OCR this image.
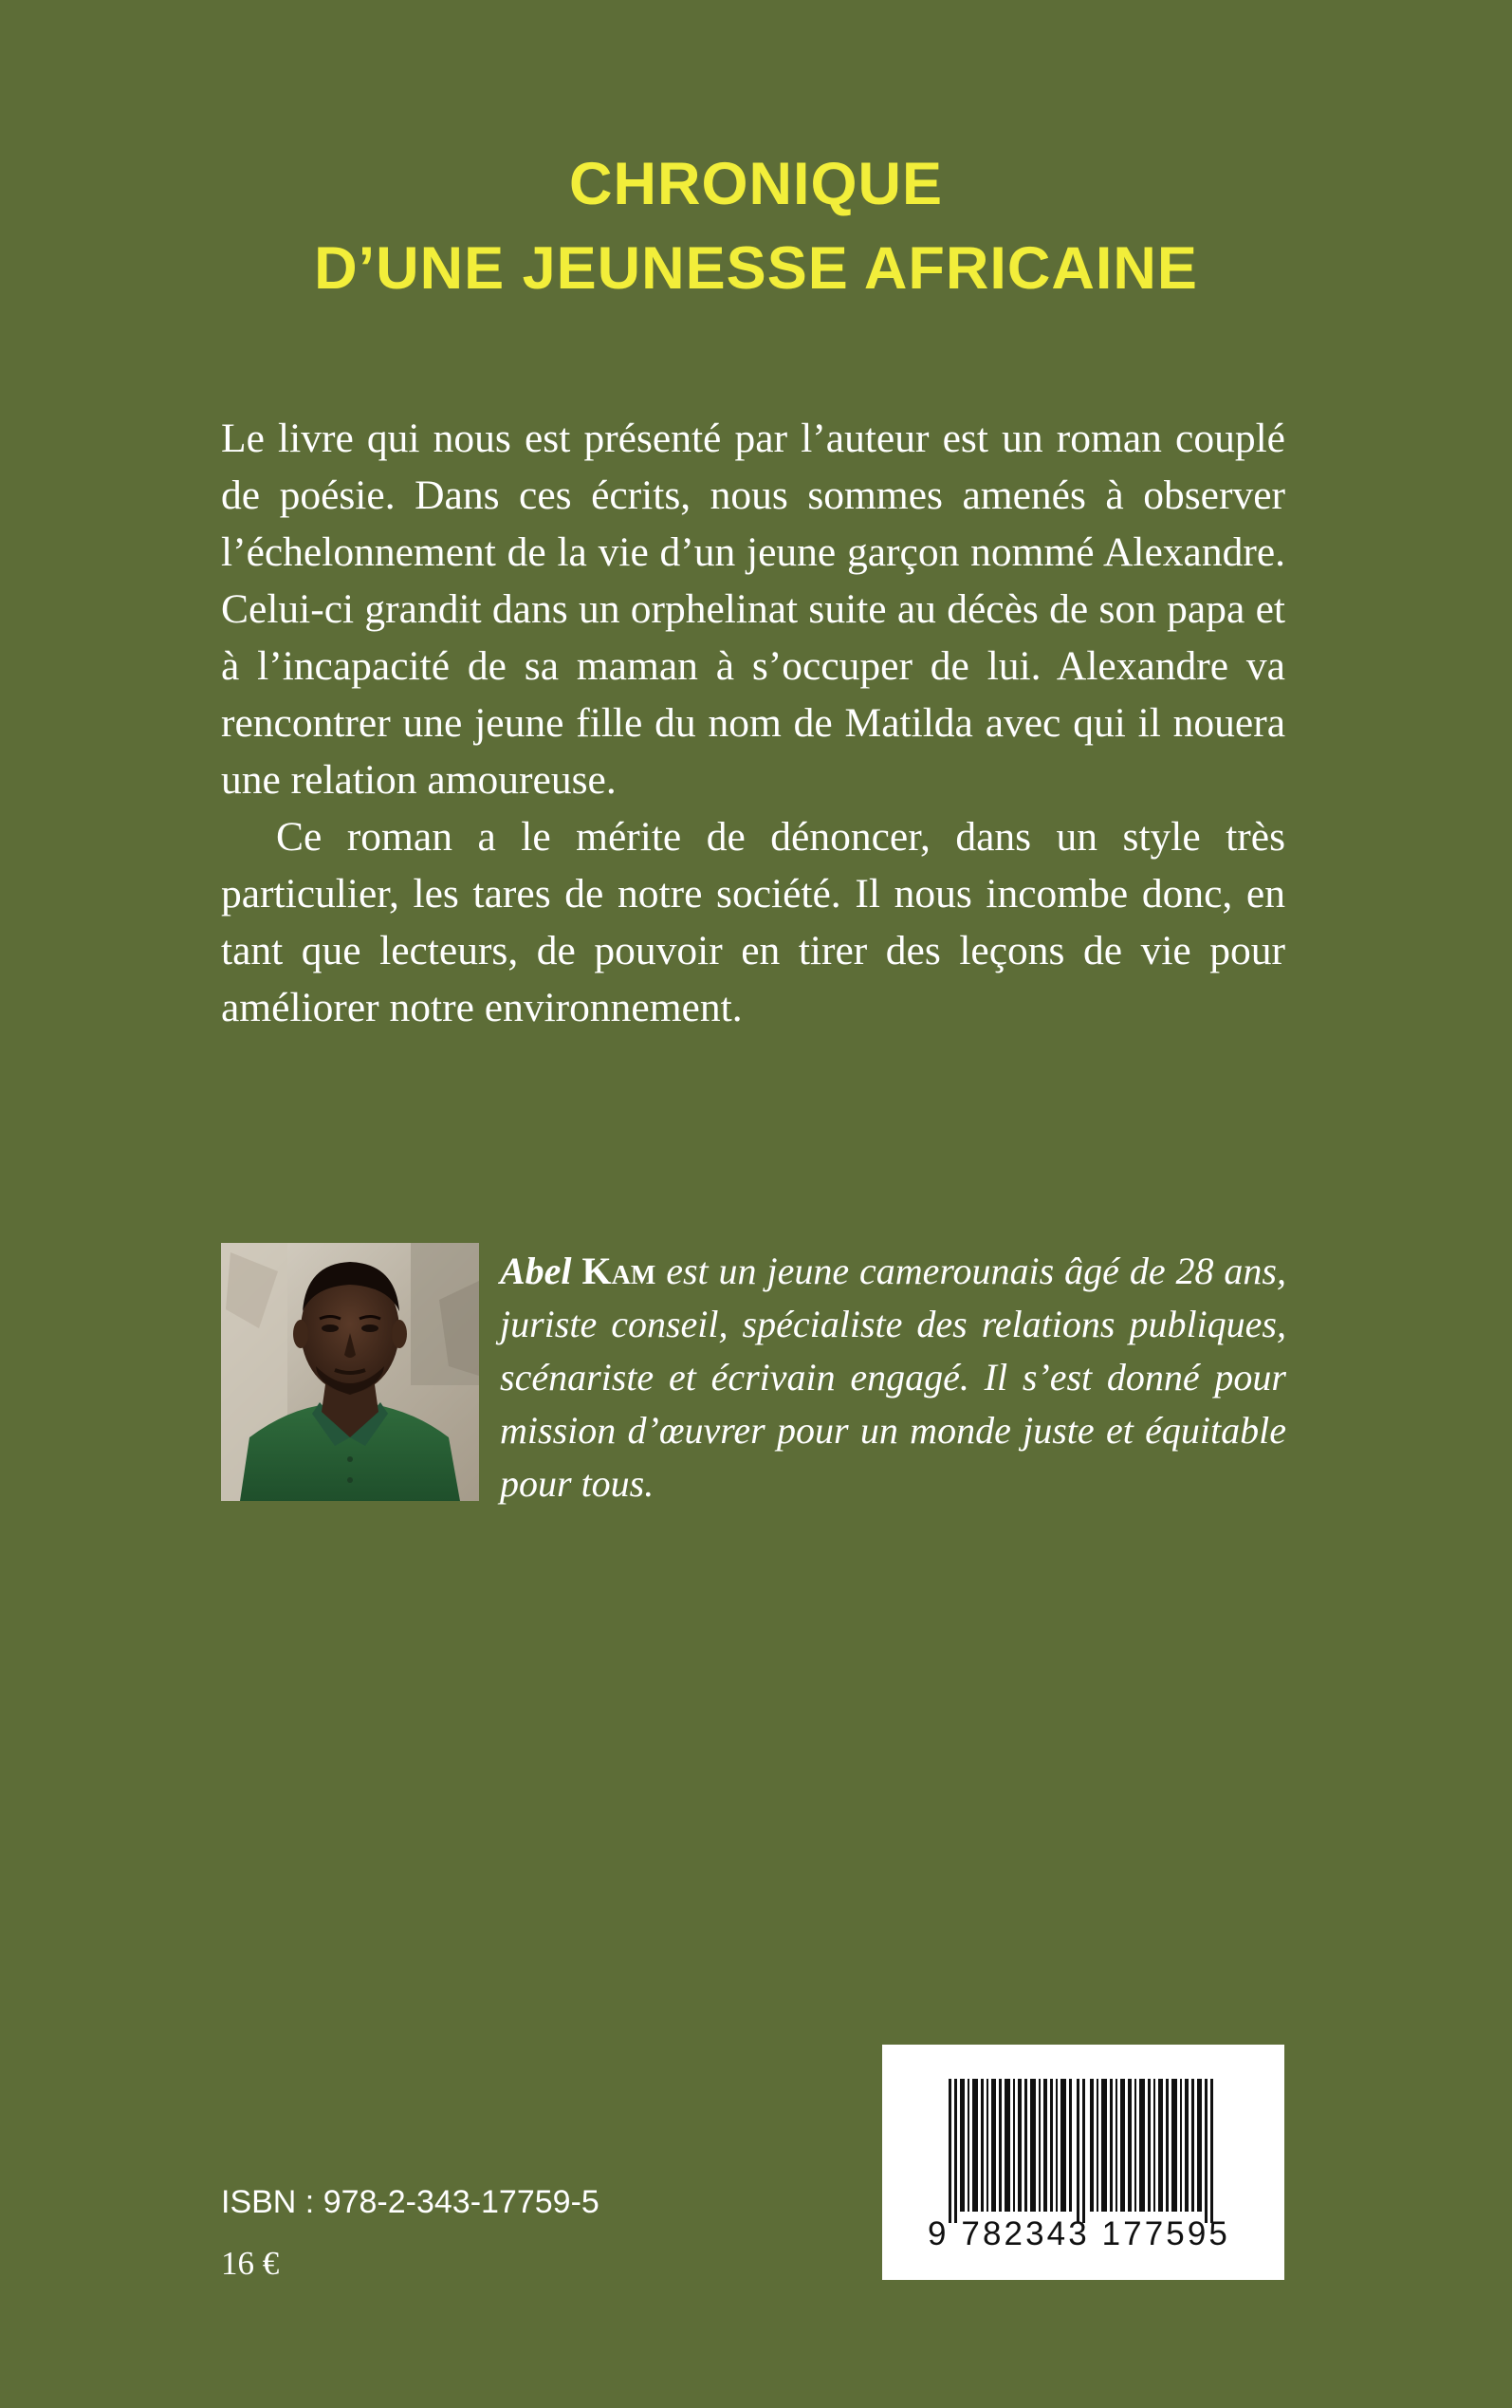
CHRONIQUE
D’UNE JEUNESSE AFRICAINE

Le livre qui nous est présenté par l’auteur est un roman couplé de poésie. Dans ces écrits, nous sommes amenés à observer l’échelonnement de la vie d’un jeune garçon nommé Alexandre. Celui-ci grandit dans un orphelinat suite au décès de son papa et à l’incapacité de sa maman à s’occuper de lui. Alexandre va rencontrer une jeune fille du nom de Matilda avec qui il nouera une relation amoureuse.

Ce roman a le mérite de dénoncer, dans un style très particulier, les tares de notre société. Il nous incombe donc, en tant que lecteurs, de pouvoir en tirer des leçons de vie pour améliorer notre environnement.

Abel Kam est un jeune camerounais âgé de 28 ans, juriste conseil, spécialiste des relations publiques, scénariste et écrivain engagé. Il s’est donné pour mission d’œuvrer pour un monde juste et équitable pour tous.
ISBN : 978-2-343-17759-5
16 €
9 782343 177595
